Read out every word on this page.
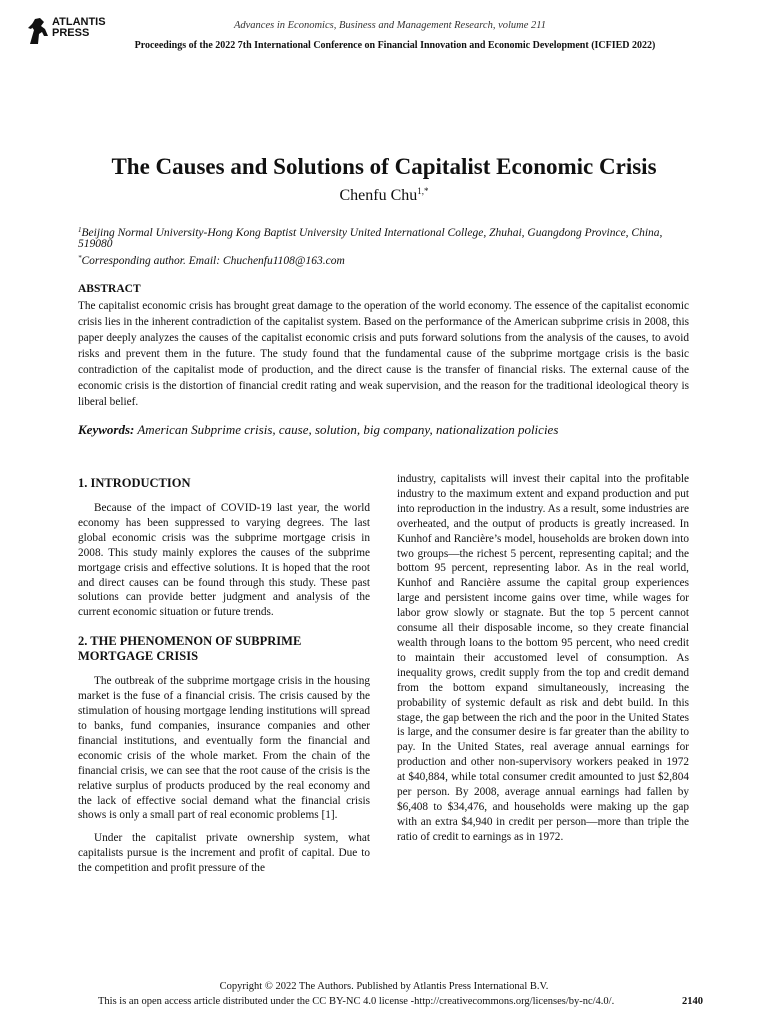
ATLANTIS
PRESS
Advances in Economics, Business and Management Research, volume 211
Proceedings of the 2022 7th International Conference on Financial Innovation and Economic Development (ICFIED 2022)
The Causes and Solutions of Capitalist Economic Crisis
Chenfu Chu$^{1,*}$
$^1$Beijing Normal University-Hong Kong Baptist University United International College, Zhuhai, Guangdong Province, China, 519080
*Corresponding author. Email: Chuchenfu1108@163.com
ABSTRACT

The capitalist economic crisis has brought great damage to the operation of the world economy. The essence of the capitalist economic crisis lies in the inherent contradiction of the capitalist system. Based on the performance of the American subprime crisis in 2008, this paper deeply analyzes the causes of the capitalist economic crisis and puts forward solutions from the analysis of the causes, to avoid risks and prevent them in the future. The study found that the fundamental cause of the subprime mortgage crisis is the basic contradiction of the capitalist mode of production, and the direct cause is the transfer of financial risks. The external cause of the economic crisis is the distortion of financial credit rating and weak supervision, and the reason for the traditional ideological theory is liberal belief.

Keywords: American Subprime crisis, cause, solution, big company, nationalization policies
1. INTRODUCTION

Because of the impact of COVID-19 last year, the world economy has been suppressed to varying degrees. The last global economic crisis was the subprime mortgage crisis in 2008. This study mainly explores the causes of the subprime mortgage crisis and effective solutions. It is hoped that the root and direct causes can be found through this study. These past solutions can provide better judgment and analysis of the current economic situation or future trends.

2. THE PHENOMENON OF SUBPRIME MORTGAGE CRISIS

The outbreak of the subprime mortgage crisis in the housing market is the fuse of a financial crisis. The crisis caused by the stimulation of housing mortgage lending institutions will spread to banks, fund companies, insurance companies and other financial institutions, and eventually form the financial and economic crisis of the whole market. From the chain of the financial crisis, we can see that the root cause of the crisis is the relative surplus of products produced by the real economy and the lack of effective social demand what the financial crisis shows is only a small part of real economic problems [1].

Under the capitalist private ownership system, what capitalists pursue is the increment and profit of capital. Due to the competition and profit pressure of the

industry, capitalists will invest their capital into the profitable industry to the maximum extent and expand production and put into reproduction in the industry. As a result, some industries are overheated, and the output of products is greatly increased. In Kunhof and Rancière’s model, households are broken down into two groups—the richest 5 percent, representing capital; and the bottom 95 percent, representing labor. As in the real world, Kunhof and Rancière assume the capital group experiences large and persistent income gains over time, while wages for labor grow slowly or stagnate. But the top 5 percent cannot consume all their disposable income, so they create financial wealth through loans to the bottom 95 percent, who need credit to maintain their accustomed level of consumption. As inequality grows, credit supply from the top and credit demand from the bottom expand simultaneously, increasing the probability of systemic default as risk and debt build. In this stage, the gap between the rich and the poor in the United States is large, and the consumer desire is far greater than the ability to pay. In the United States, real average annual earnings for production and other non-supervisory workers peaked in 1972 at $40,884, while total consumer credit amounted to just $2,804 per person. By 2008, average annual earnings had fallen by $6,408 to $34,476, and households were making up the gap with an extra $4,940 in credit per person—more than triple the ratio of credit to earnings as in 1972.

Copyright © 2022 The Authors. Published by Atlantis Press International B.V.
This is an open access article distributed under the CC BY-NC 4.0 license -http://creativecommons.org/licenses/by-nc/4.0/.	2140
